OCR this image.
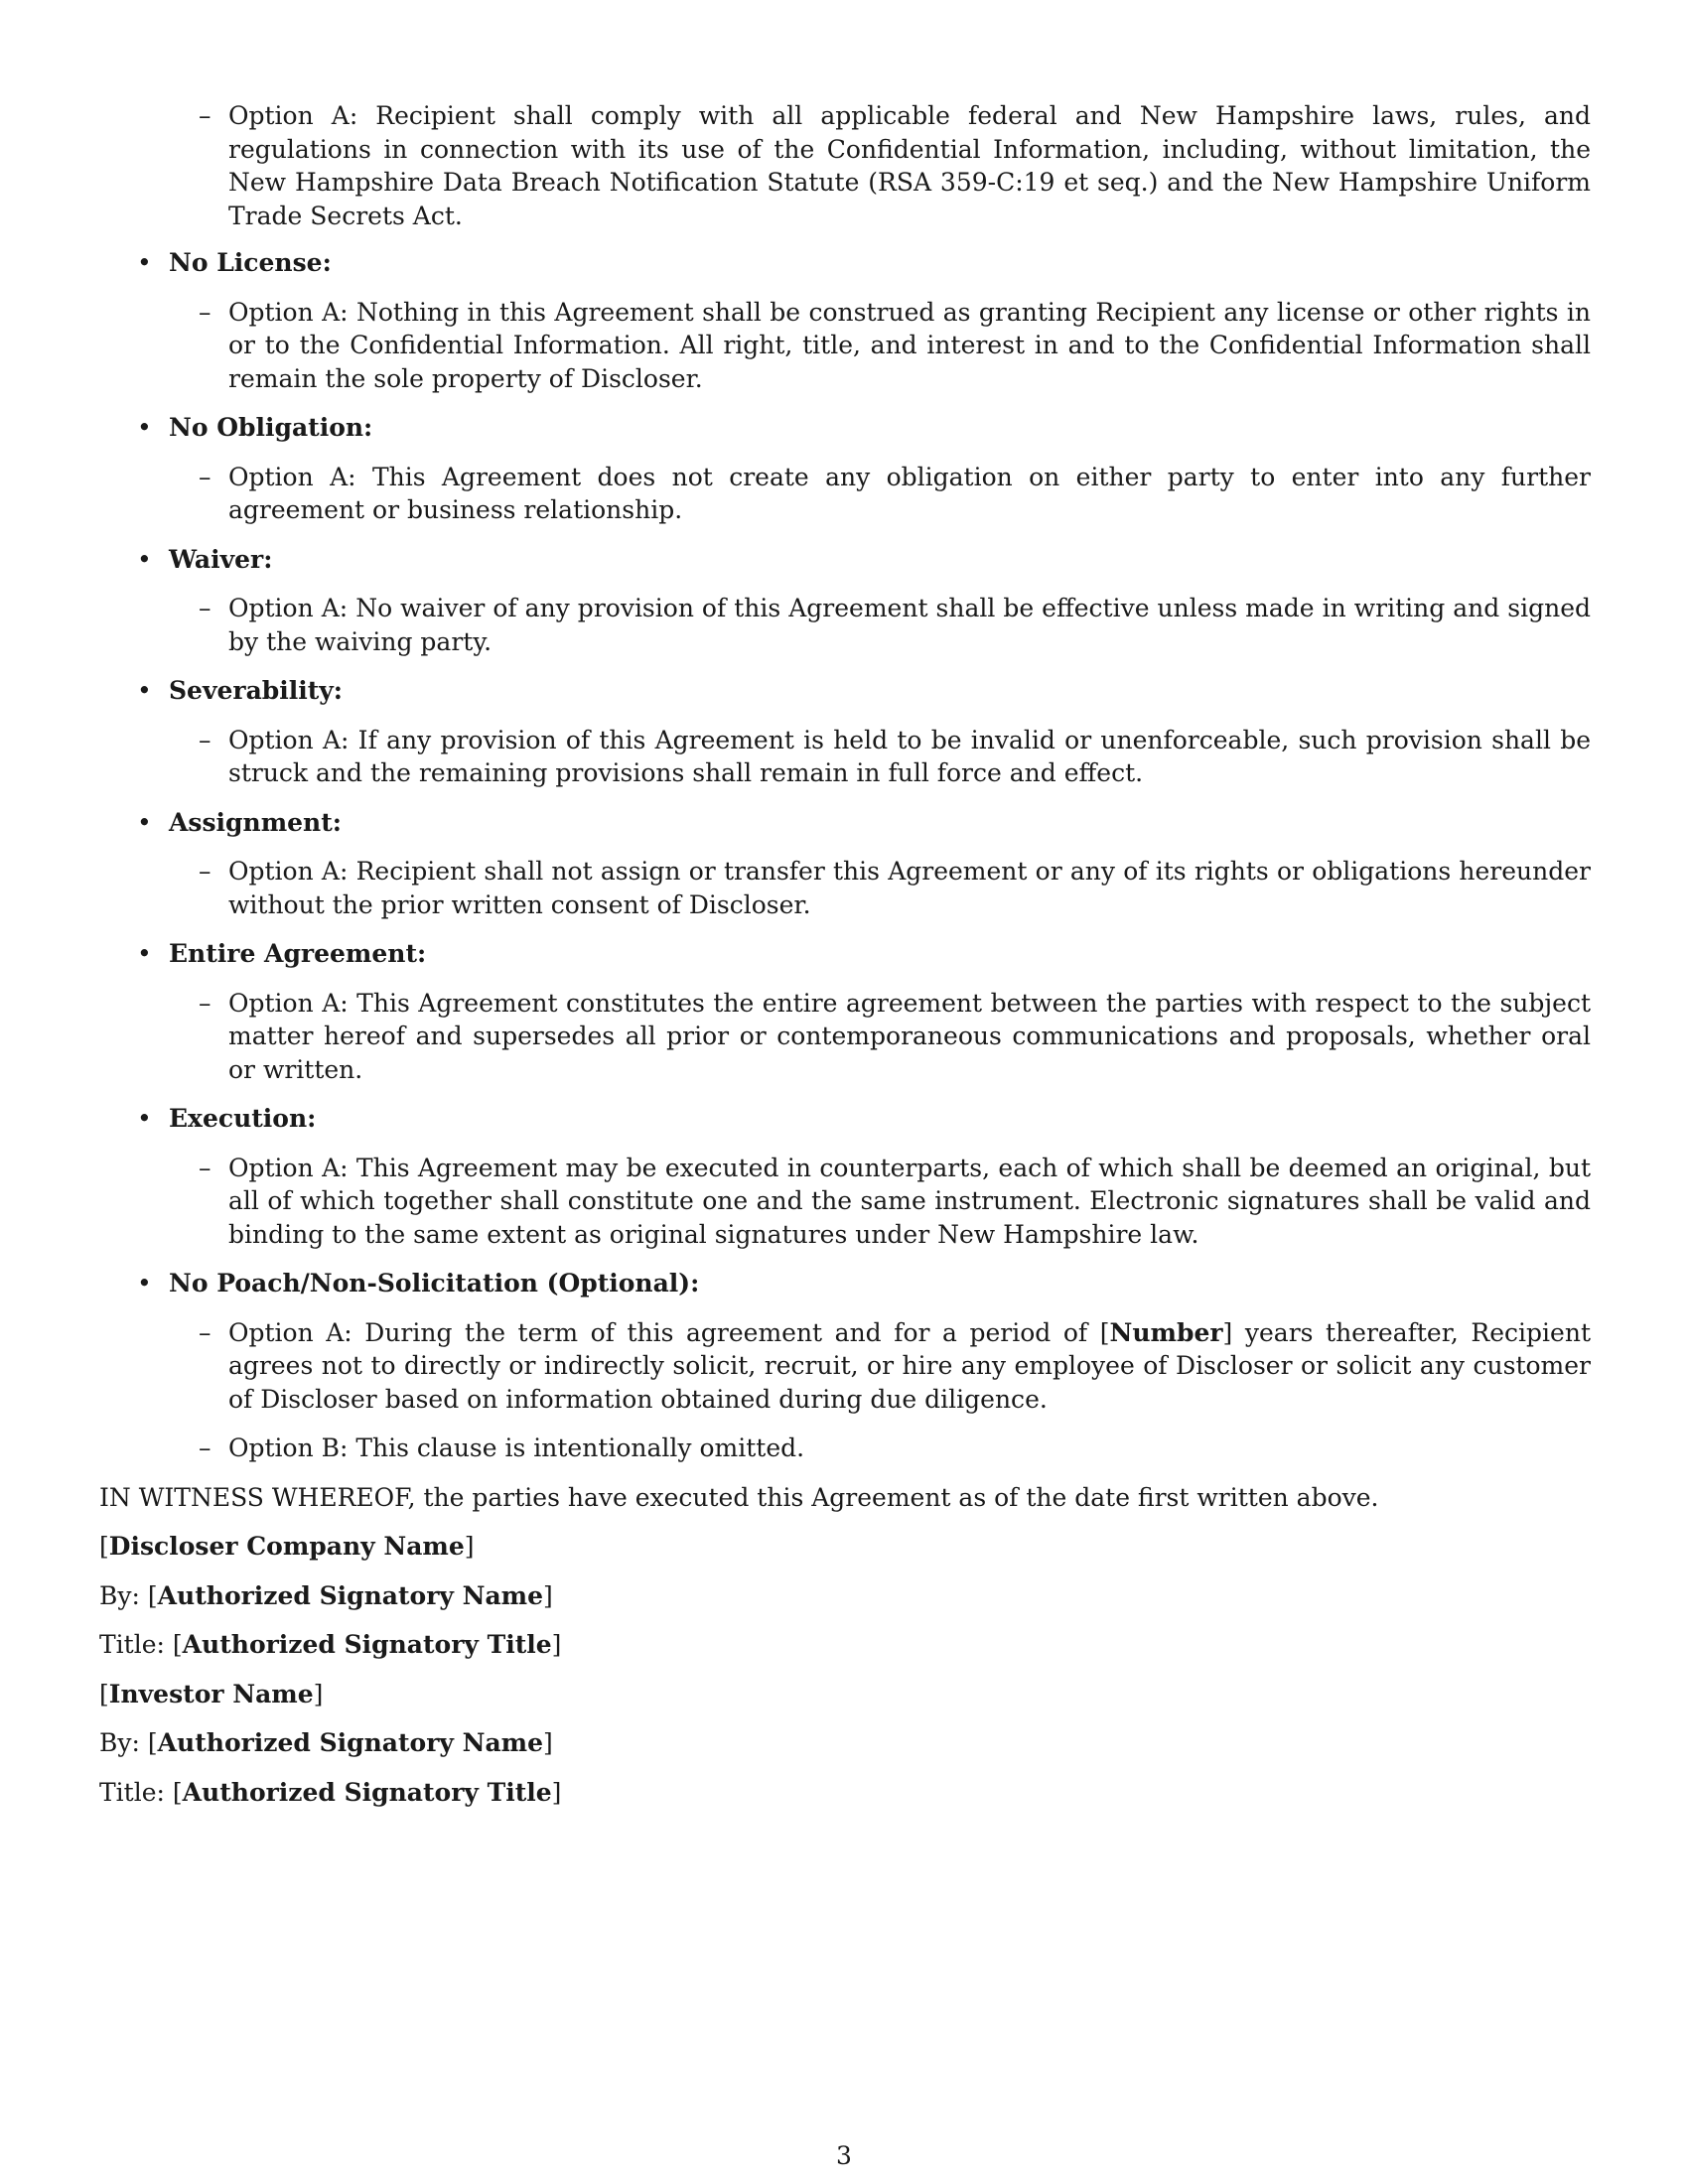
– Option A: Recipient shall comply with all applicable federal and New Hampshire laws, rules, and regulations in connection with its use of the Confidential Information, including, without limitation, the New Hampshire Data Breach Notification Statute (RSA 359-C:19 et seq.) and the New Hampshire Uniform Trade Secrets Act.
• No License:
– Option A: Nothing in this Agreement shall be construed as granting Recipient any license or other rights in or to the Confidential Information. All right, title, and interest in and to the Confidential Information shall remain the sole property of Discloser.
• No Obligation:
– Option A: This Agreement does not create any obligation on either party to enter into any further agreement or business relationship.
• Waiver:
– Option A: No waiver of any provision of this Agreement shall be effective unless made in writing and signed by the waiving party.
• Severability:
– Option A: If any provision of this Agreement is held to be invalid or unenforceable, such provision shall be struck and the remaining provisions shall remain in full force and effect.
• Assignment:
– Option A: Recipient shall not assign or transfer this Agreement or any of its rights or obligations hereunder without the prior written consent of Discloser.
• Entire Agreement:
– Option A: This Agreement constitutes the entire agreement between the parties with respect to the subject matter hereof and supersedes all prior or contemporaneous communications and proposals, whether oral or written.
• Execution:
– Option A: This Agreement may be executed in counterparts, each of which shall be deemed an original, but all of which together shall constitute one and the same instrument. Electronic signatures shall be valid and binding to the same extent as original signatures under New Hampshire law.
• No Poach/Non-Solicitation (Optional):
– Option A: During the term of this agreement and for a period of [Number] years thereafter, Recipient agrees not to directly or indirectly solicit, recruit, or hire any employee of Discloser or solicit any customer of Discloser based on information obtained during due diligence.
– Option B: This clause is intentionally omitted.
IN WITNESS WHEREOF, the parties have executed this Agreement as of the date first written above.
[Discloser Company Name]
By: [Authorized Signatory Name]
Title: [Authorized Signatory Title]
[Investor Name]
By: [Authorized Signatory Name]
Title: [Authorized Signatory Title]
3
